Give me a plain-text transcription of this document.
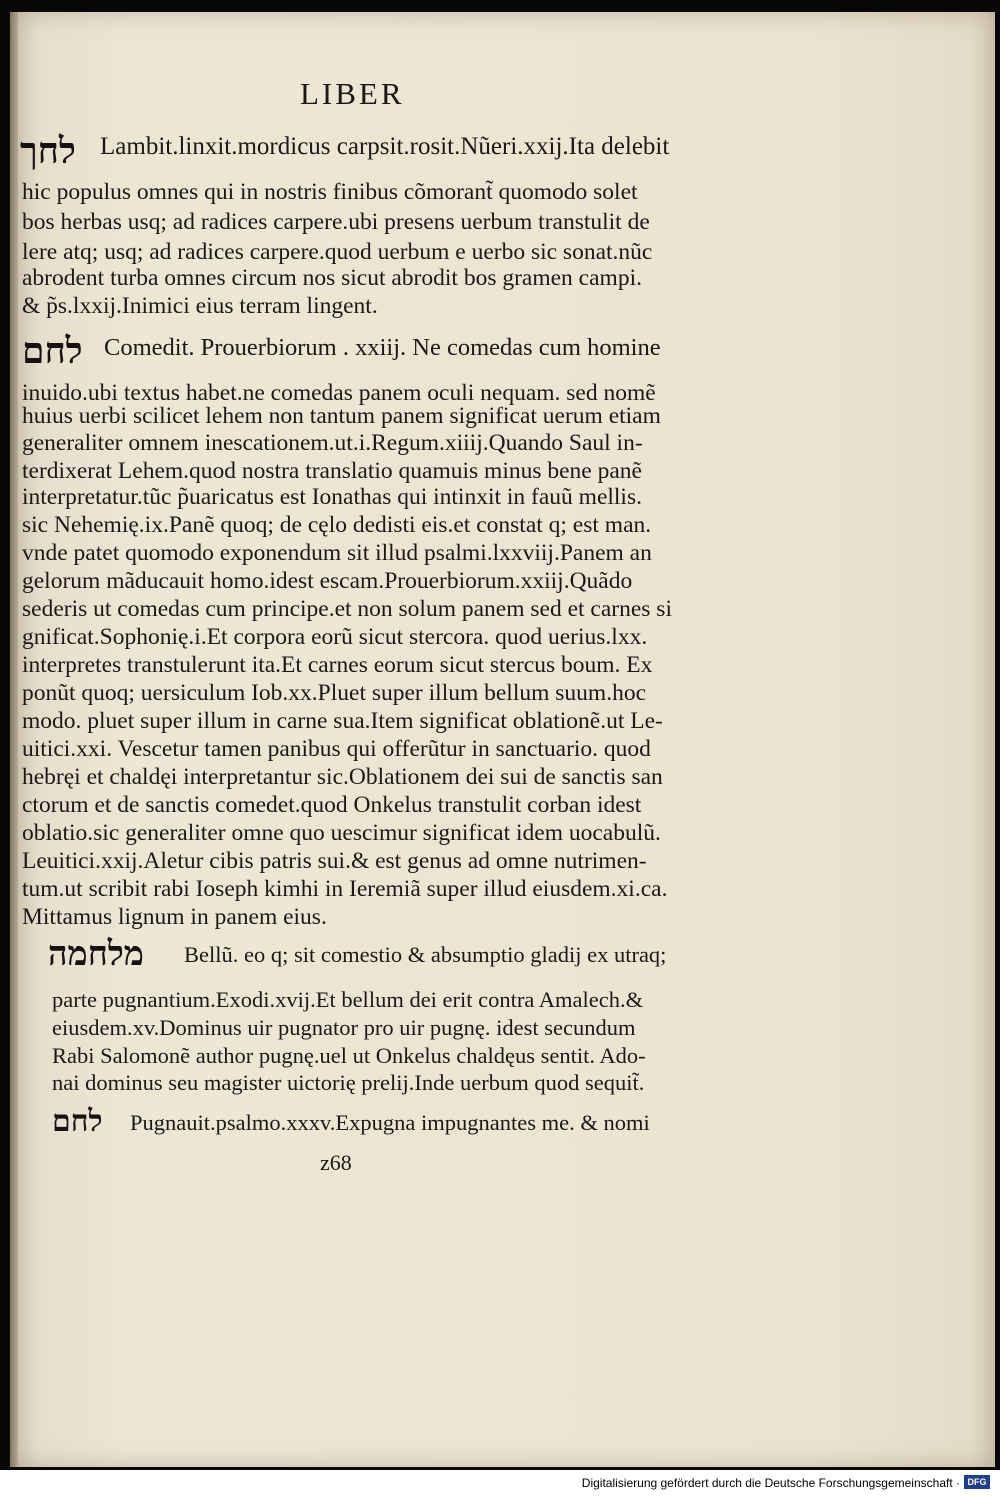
LIBER
לחך Lambit.linxit.mordicus carpsit.rosit.Nũeri.xxij.Ita delebit
hic populus omnes qui in nostris finibus cõmorant̃ quomodo solet
bos herbas usq; ad radices carpere.ubi presens uerbum transtulit de
lere atq; usq; ad radices carpere.quod uerbum e uerbo sic sonat.nũc
abrodent turba omnes circum nos sicut abrodit bos gramen campi.
& p̃s.lxxij.Inimici eius terram lingent.
לחם Comedit. Prouerbiorum . xxiij. Ne comedas cum homine
inuido.ubi textus habet.ne comedas panem oculi nequam. sed nomẽ
huius uerbi scilicet lehem non tantum panem significat uerum etiam
generaliter omnem inescationem.ut.i.Regum.xiiij.Quando Saul in-
terdixerat Lehem.quod nostra translatio quamuis minus bene panẽ
interpretatur.tũc p̃uaricatus est Ionathas qui intinxit in fauũ mellis.
sic Nehemię.ix.Panẽ quoq; de cęlo dedisti eis.et constat q; est man.
vnde patet quomodo exponendum sit illud psalmi.lxxviij.Panem an
gelorum mãducauit homo.idest escam.Prouerbiorum.xxiij.Quãdo
sederis ut comedas cum principe.et non solum panem sed et carnes si
gnificat.Sophonię.i.Et corpora eorũ sicut stercora. quod uerius.lxx.
interpretes transtulerunt ita.Et carnes eorum sicut stercus boum. Ex
ponũt quoq; uersiculum Iob.xx.Pluet super illum bellum suum.hoc
modo. pluet super illum in carne sua.Item significat oblationẽ.ut Le-
uitici.xxi. Vescetur tamen panibus qui offerũtur in sanctuario. quod
hebręi et chaldęi interpretantur sic.Oblationem dei sui de sanctis san
ctorum et de sanctis comedet.quod Onkelus transtulit corban idest
oblatio.sic generaliter omne quo uescimur significat idem uocabulũ.
Leuitici.xxij.Aletur cibis patris sui.& est genus ad omne nutrimen-
tum.ut scribit rabi Ioseph kimhi in Ieremiã super illud eiusdem.xi.ca.
Mittamus lignum in panem eius.
מלחמה Bellũ. eo q; sit comestio & absumptio gladij ex utraq;
parte pugnantium.Exodi.xvij.Et bellum dei erit contra Amalech.&
eiusdem.xv.Dominus uir pugnator pro uir pugnę. idest secundum
Rabi Salomonẽ author pugnę.uel ut Onkelus chaldęus sentit. Ado-
nai dominus seu magister uictorię prelij.Inde uerbum quod sequit̃.
לחם Pugnauit.psalmo.xxxv.Expugna impugnantes me. & nomi
z68
Digitalisierung gefördert durch die Deutsche Forschungsgemeinschaft · DFG
